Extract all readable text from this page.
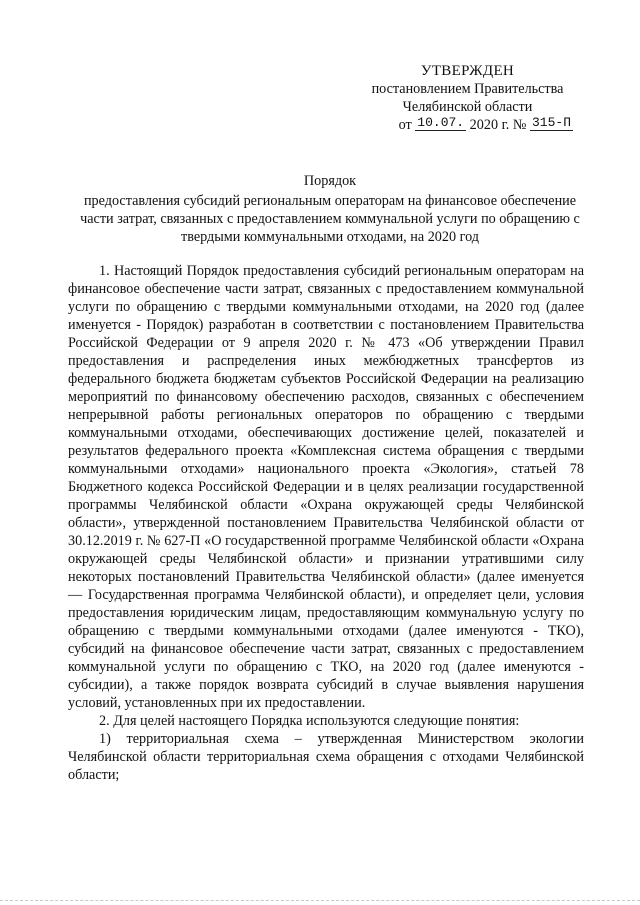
УТВЕРЖДЕН
постановлением Правительства
Челябинской области
от 10.07. 2020 г. № 315-П
Порядок
предоставления субсидий региональным операторам на финансовое обеспечение части затрат, связанных с предоставлением коммунальной услуги по обращению с твердыми коммунальными отходами, на 2020 год

1. Настоящий Порядок предоставления субсидий региональным операторам на финансовое обеспечение части затрат, связанных с предоставлением коммунальной услуги по обращению с твердыми коммунальными отходами, на 2020 год (далее именуется - Порядок) разработан в соответствии с постановлением Правительства Российской Федерации от 9 апреля 2020 г. № 473 «Об утверждении Правил предоставления и распределения иных межбюджетных трансфертов из федерального бюджета бюджетам субъектов Российской Федерации на реализацию мероприятий по финансовому обеспечению расходов, связанных с обеспечением непрерывной работы региональных операторов по обращению с твердыми коммунальными отходами, обеспечивающих достижение целей, показателей и результатов федерального проекта «Комплексная система обращения с твердыми коммунальными отходами» национального проекта «Экология», статьей 78 Бюджетного кодекса Российской Федерации и в целях реализации государственной программы Челябинской области «Охрана окружающей среды Челябинской области», утвержденной постановлением Правительства Челябинской области от 30.12.2019 г. № 627-П «О государственной программе Челябинской области «Охрана окружающей среды Челябинской области» и признании утратившими силу некоторых постановлений Правительства Челябинской области» (далее именуется — Государственная программа Челябинской области), и определяет цели, условия предоставления юридическим лицам, предоставляющим коммунальную услугу по обращению с твердыми коммунальными отходами (далее именуются - ТКО), субсидий на финансовое обеспечение части затрат, связанных с предоставлением коммунальной услуги по обращению с ТКО, на 2020 год (далее именуются - субсидии), а также порядок возврата субсидий в случае выявления нарушения условий, установленных при их предоставлении.

2. Для целей настоящего Порядка используются следующие понятия:

1) территориальная схема – утвержденная Министерством экологии Челябинской области территориальная схема обращения с отходами Челябинской области;
